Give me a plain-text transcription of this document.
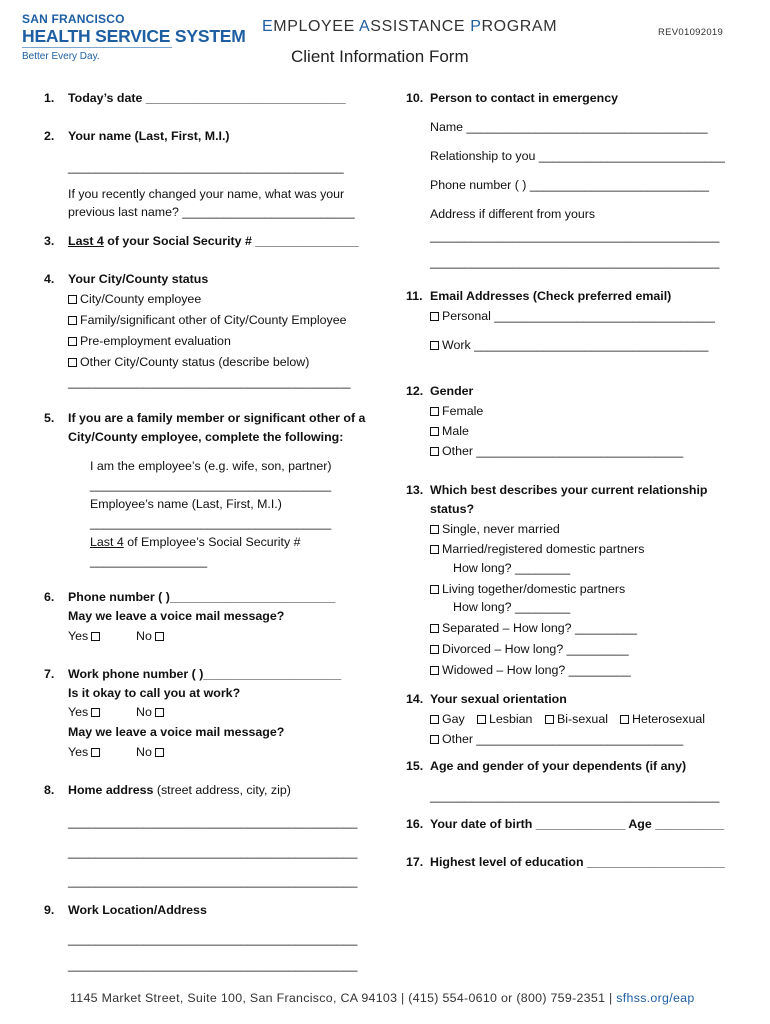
SAN FRANCISCO
HEALTH SERVICE SYSTEM
Better Every Day.
EMPLOYEE ASSISTANCE PROGRAM	REV01092019
Client Information Form
1. Today’s date _____________________________
2. Your name (Last, First, M.I.)
________________________________________
If you recently changed your name, what was your
previous last name? _________________________
3. Last 4 of your Social Security # _______________
4. Your City/County status
City/County employee
Family/significant other of City/County Employee
Pre-employment evaluation
Other City/County status (describe below)
_________________________________________
5. If you are a family member or significant other of a
City/County employee, complete the following:
I am the employee’s (e.g. wife, son, partner)
___________________________________
Employee’s name (Last, First, M.I.)
___________________________________
Last 4 of Employee’s Social Security #
_________________
6. Phone number ( )________________________
May we leave a voice mail message?
Yes	No
7. Work phone number ( )____________________
Is it okay to call you at work?
Yes	No
May we leave a voice mail message?
Yes	No
8. Home address (street address, city, zip)
__________________________________________
__________________________________________
__________________________________________
9. Work Location/Address
__________________________________________
__________________________________________
10. Person to contact in emergency
Name ___________________________________
Relationship to you ___________________________
Phone number ( ) __________________________
Address if different from yours
__________________________________________
__________________________________________
11. Email Addresses (Check preferred email)
Personal ________________________________
Work __________________________________
12. Gender
Female
Male
Other ______________________________
13. Which best describes your current relationship
status?
Single, never married
Married/registered domestic partners
How long? ________
Living together/domestic partners
How long? ________
Separated – How long? _________
Divorced – How long? _________
Widowed – How long? _________
14. Your sexual orientation
Gay	Lesbian	Bi-sexual	Heterosexual
Other ______________________________
15. Age and gender of your dependents (if any)
__________________________________________
16. Your date of birth _____________ Age __________
17. Highest level of education ____________________
1145 Market Street, Suite 100, San Francisco, CA 94103 | (415) 554-0610 or (800) 759-2351 | sfhss.org/eap
